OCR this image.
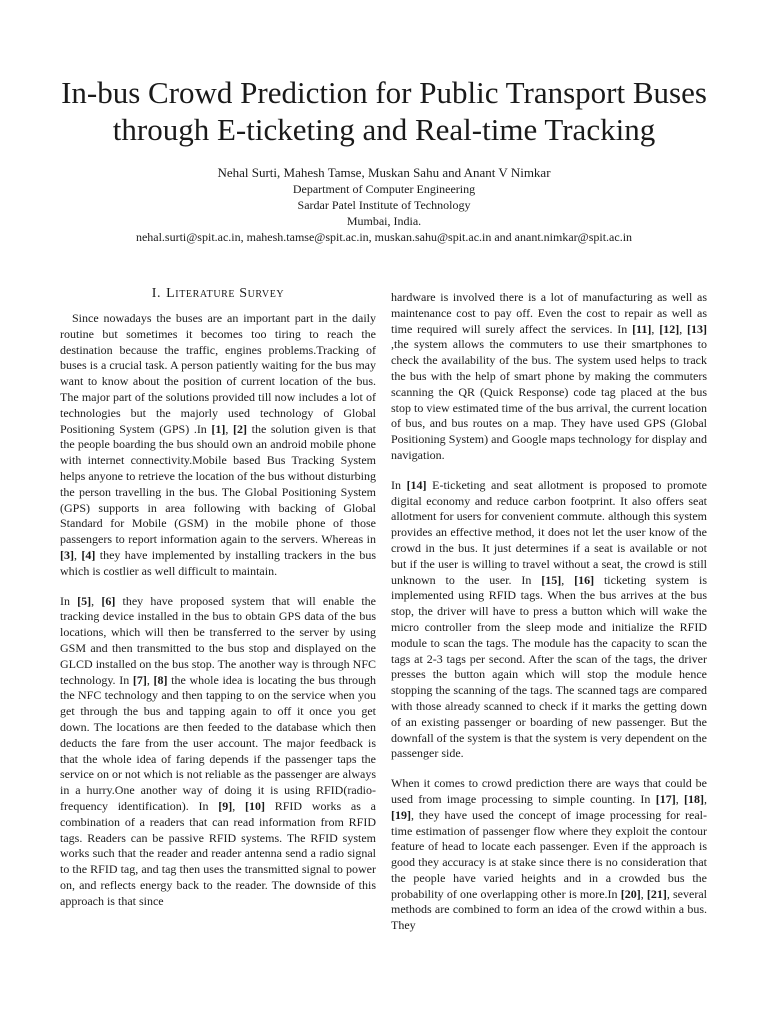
In-bus Crowd Prediction for Public Transport Buses
through E-ticketing and Real-time Tracking
Nehal Surti, Mahesh Tamse, Muskan Sahu and Anant V Nimkar
Department of Computer Engineering
Sardar Patel Institute of Technology
Mumbai, India.
nehal.surti@spit.ac.in, mahesh.tamse@spit.ac.in, muskan.sahu@spit.ac.in and anant.nimkar@spit.ac.in
I. Literature Survey

Since nowadays the buses are an important part in the daily routine but sometimes it becomes too tiring to reach the destination because the traffic, engines problems.Tracking of buses is a crucial task. A person patiently waiting for the bus may want to know about the position of current location of the bus. The major part of the solutions provided till now includes a lot of technologies but the majorly used technology of Global Positioning System (GPS) .In [1], [2] the solution given is that the people boarding the bus should own an android mobile phone with internet connectivity.Mobile based Bus Tracking System helps anyone to retrieve the location of the bus without disturbing the person travelling in the bus. The Global Positioning System (GPS) supports in area following with backing of Global Standard for Mobile (GSM) in the mobile phone of those passengers to report information again to the servers. Whereas in [3], [4] they have implemented by installing trackers in the bus which is costlier as well difficult to maintain.

In [5], [6] they have proposed system that will enable the tracking device installed in the bus to obtain GPS data of the bus locations, which will then be transferred to the server by using GSM and then transmitted to the bus stop and displayed on the GLCD installed on the bus stop. The another way is through NFC technology. In [7], [8] the whole idea is locating the bus through the NFC technology and then tapping to on the service when you get through the bus and tapping again to off it once you get down. The locations are then feeded to the database which then deducts the fare from the user account. The major feedback is that the whole idea of faring depends if the passenger taps the service on or not which is not reliable as the passenger are always in a hurry.One another way of doing it is using RFID(radio-frequency identification). In [9], [10] RFID works as a combination of a readers that can read information from RFID tags. Readers can be passive RFID systems. The RFID system works such that the reader and reader antenna send a radio signal to the RFID tag, and tag then uses the transmitted signal to power on, and reflects energy back to the reader. The downside of this approach is that since

hardware is involved there is a lot of manufacturing as well as maintenance cost to pay off. Even the cost to repair as well as time required will surely affect the services. In [11], [12], [13] ,the system allows the commuters to use their smartphones to check the availability of the bus. The system used helps to track the bus with the help of smart phone by making the commuters scanning the QR (Quick Response) code tag placed at the bus stop to view estimated time of the bus arrival, the current location of bus, and bus routes on a map. They have used GPS (Global Positioning System) and Google maps technology for display and navigation.

In [14] E-ticketing and seat allotment is proposed to promote digital economy and reduce carbon footprint. It also offers seat allotment for users for convenient commute. although this system provides an effective method, it does not let the user know of the crowd in the bus. It just determines if a seat is available or not but if the user is willing to travel without a seat, the crowd is still unknown to the user. In [15], [16] ticketing system is implemented using RFID tags. When the bus arrives at the bus stop, the driver will have to press a button which will wake the micro controller from the sleep mode and initialize the RFID module to scan the tags. The module has the capacity to scan the tags at 2-3 tags per second. After the scan of the tags, the driver presses the button again which will stop the module hence stopping the scanning of the tags. The scanned tags are compared with those already scanned to check if it marks the getting down of an existing passenger or boarding of new passenger. But the downfall of the system is that the system is very dependent on the passenger side.

When it comes to crowd prediction there are ways that could be used from image processing to simple counting. In [17], [18], [19], they have used the concept of image processing for real-time estimation of passenger flow where they exploit the contour feature of head to locate each passenger. Even if the approach is good they accuracy is at stake since there is no consideration that the people have varied heights and in a crowded bus the probability of one overlapping other is more.In [20], [21], several methods are combined to form an idea of the crowd within a bus. They
